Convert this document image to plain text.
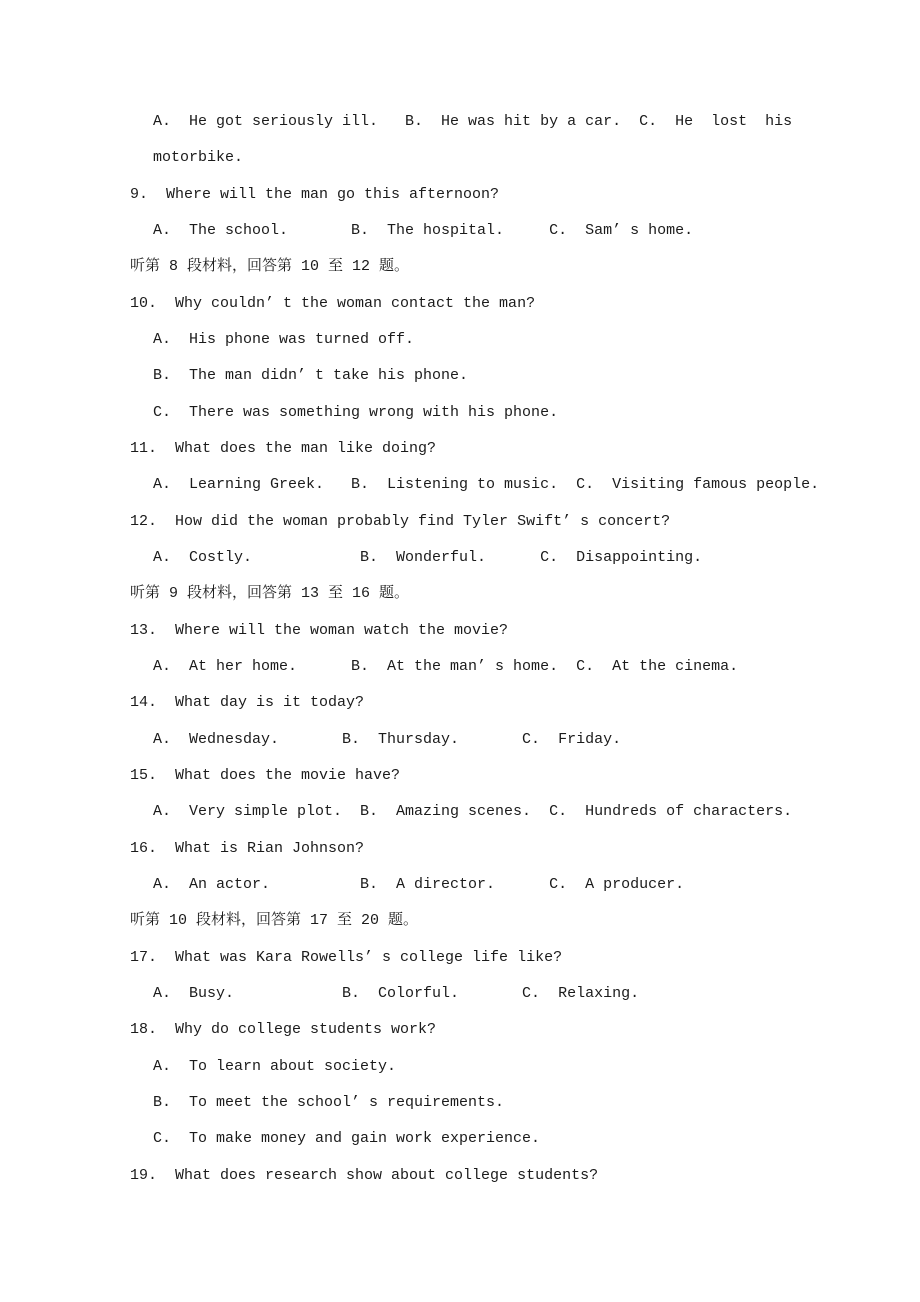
A.  He got seriously ill.   B.  He was hit by a car.  C.  He  lost  his
motorbike.
9.  Where will the man go this afternoon?
A.  The school.       B.  The hospital.     C.  Sam’ s home.
听第 8 段材料，回答第 10 至 12 题。
10.  Why couldn’ t the woman contact the man?
A.  His phone was turned off.
B.  The man didn’ t take his phone.
C.  There was something wrong with his phone.
11.  What does the man like doing?
A.  Learning Greek.   B.  Listening to music.  C.  Visiting famous people.
12.  How did the woman probably find Tyler Swift’ s concert?
A.  Costly.            B.  Wonderful.      C.  Disappointing.
听第 9 段材料，回答第 13 至 16 题。
13.  Where will the woman watch the movie?
A.  At her home.      B.  At the man’ s home.  C.  At the cinema.
14.  What day is it today?
A.  Wednesday.       B.  Thursday.       C.  Friday.
15.  What does the movie have?
A.  Very simple plot.  B.  Amazing scenes.  C.  Hundreds of characters.
16.  What is Rian Johnson?
A.  An actor.          B.  A director.      C.  A producer.
听第 10 段材料，回答第 17 至 20 题。
17.  What was Kara Rowells’ s college life like?
A.  Busy.            B.  Colorful.       C.  Relaxing.
18.  Why do college students work?
A.  To learn about society.
B.  To meet the school’ s requirements.
C.  To make money and gain work experience.
19.  What does research show about college students?
